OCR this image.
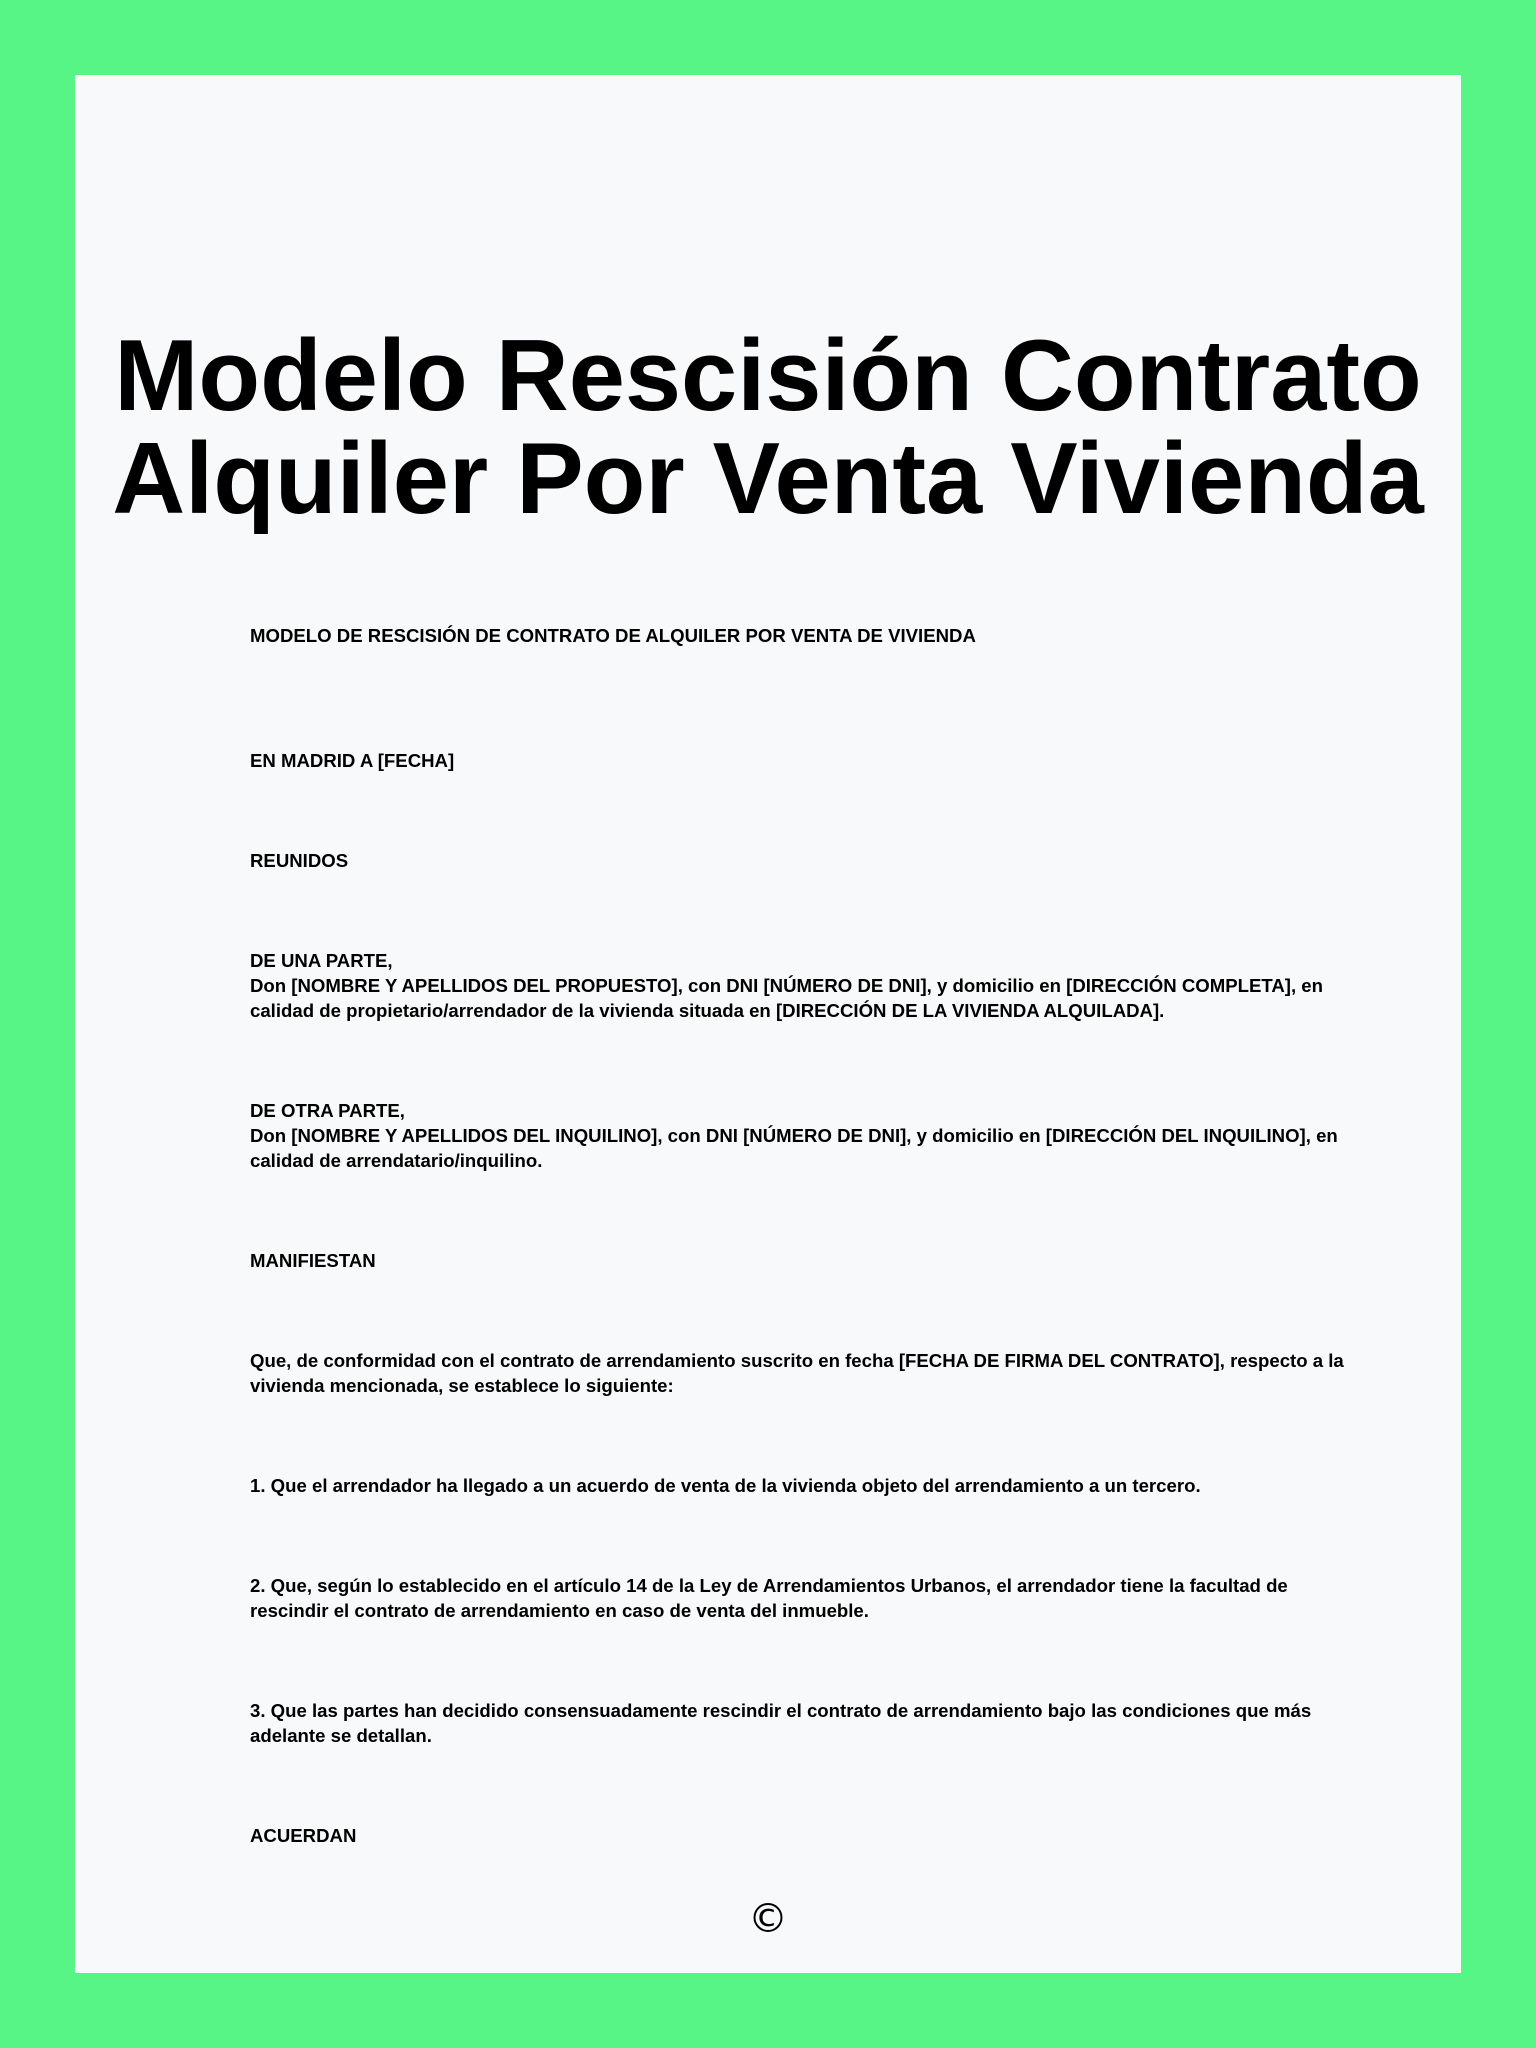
Modelo Rescisión Contrato
Alquiler Por Venta Vivienda

MODELO DE RESCISIÓN DE CONTRATO DE ALQUILER POR VENTA DE VIVIENDA

EN MADRID A [FECHA]

REUNIDOS

DE UNA PARTE,

Don [NOMBRE Y APELLIDOS DEL PROPUESTO], con DNI [NÚMERO DE DNI], y domicilio en [DIRECCIÓN COMPLETA], en calidad de propietario/arrendador de la vivienda situada en [DIRECCIÓN DE LA VIVIENDA ALQUILADA].

DE OTRA PARTE,

Don [NOMBRE Y APELLIDOS DEL INQUILINO], con DNI [NÚMERO DE DNI], y domicilio en [DIRECCIÓN DEL INQUILINO], en calidad de arrendatario/inquilino.

MANIFIESTAN

Que, de conformidad con el contrato de arrendamiento suscrito en fecha [FECHA DE FIRMA DEL CONTRATO], respecto a la vivienda mencionada, se establece lo siguiente:

1. Que el arrendador ha llegado a un acuerdo de venta de la vivienda objeto del arrendamiento a un tercero.

2. Que, según lo establecido en el artículo 14 de la Ley de Arrendamientos Urbanos, el arrendador tiene la facultad de rescindir el contrato de arrendamiento en caso de venta del inmueble.

3. Que las partes han decidido consensuadamente rescindir el contrato de arrendamiento bajo las condiciones que más adelante se detallan.

ACUERDAN

©
